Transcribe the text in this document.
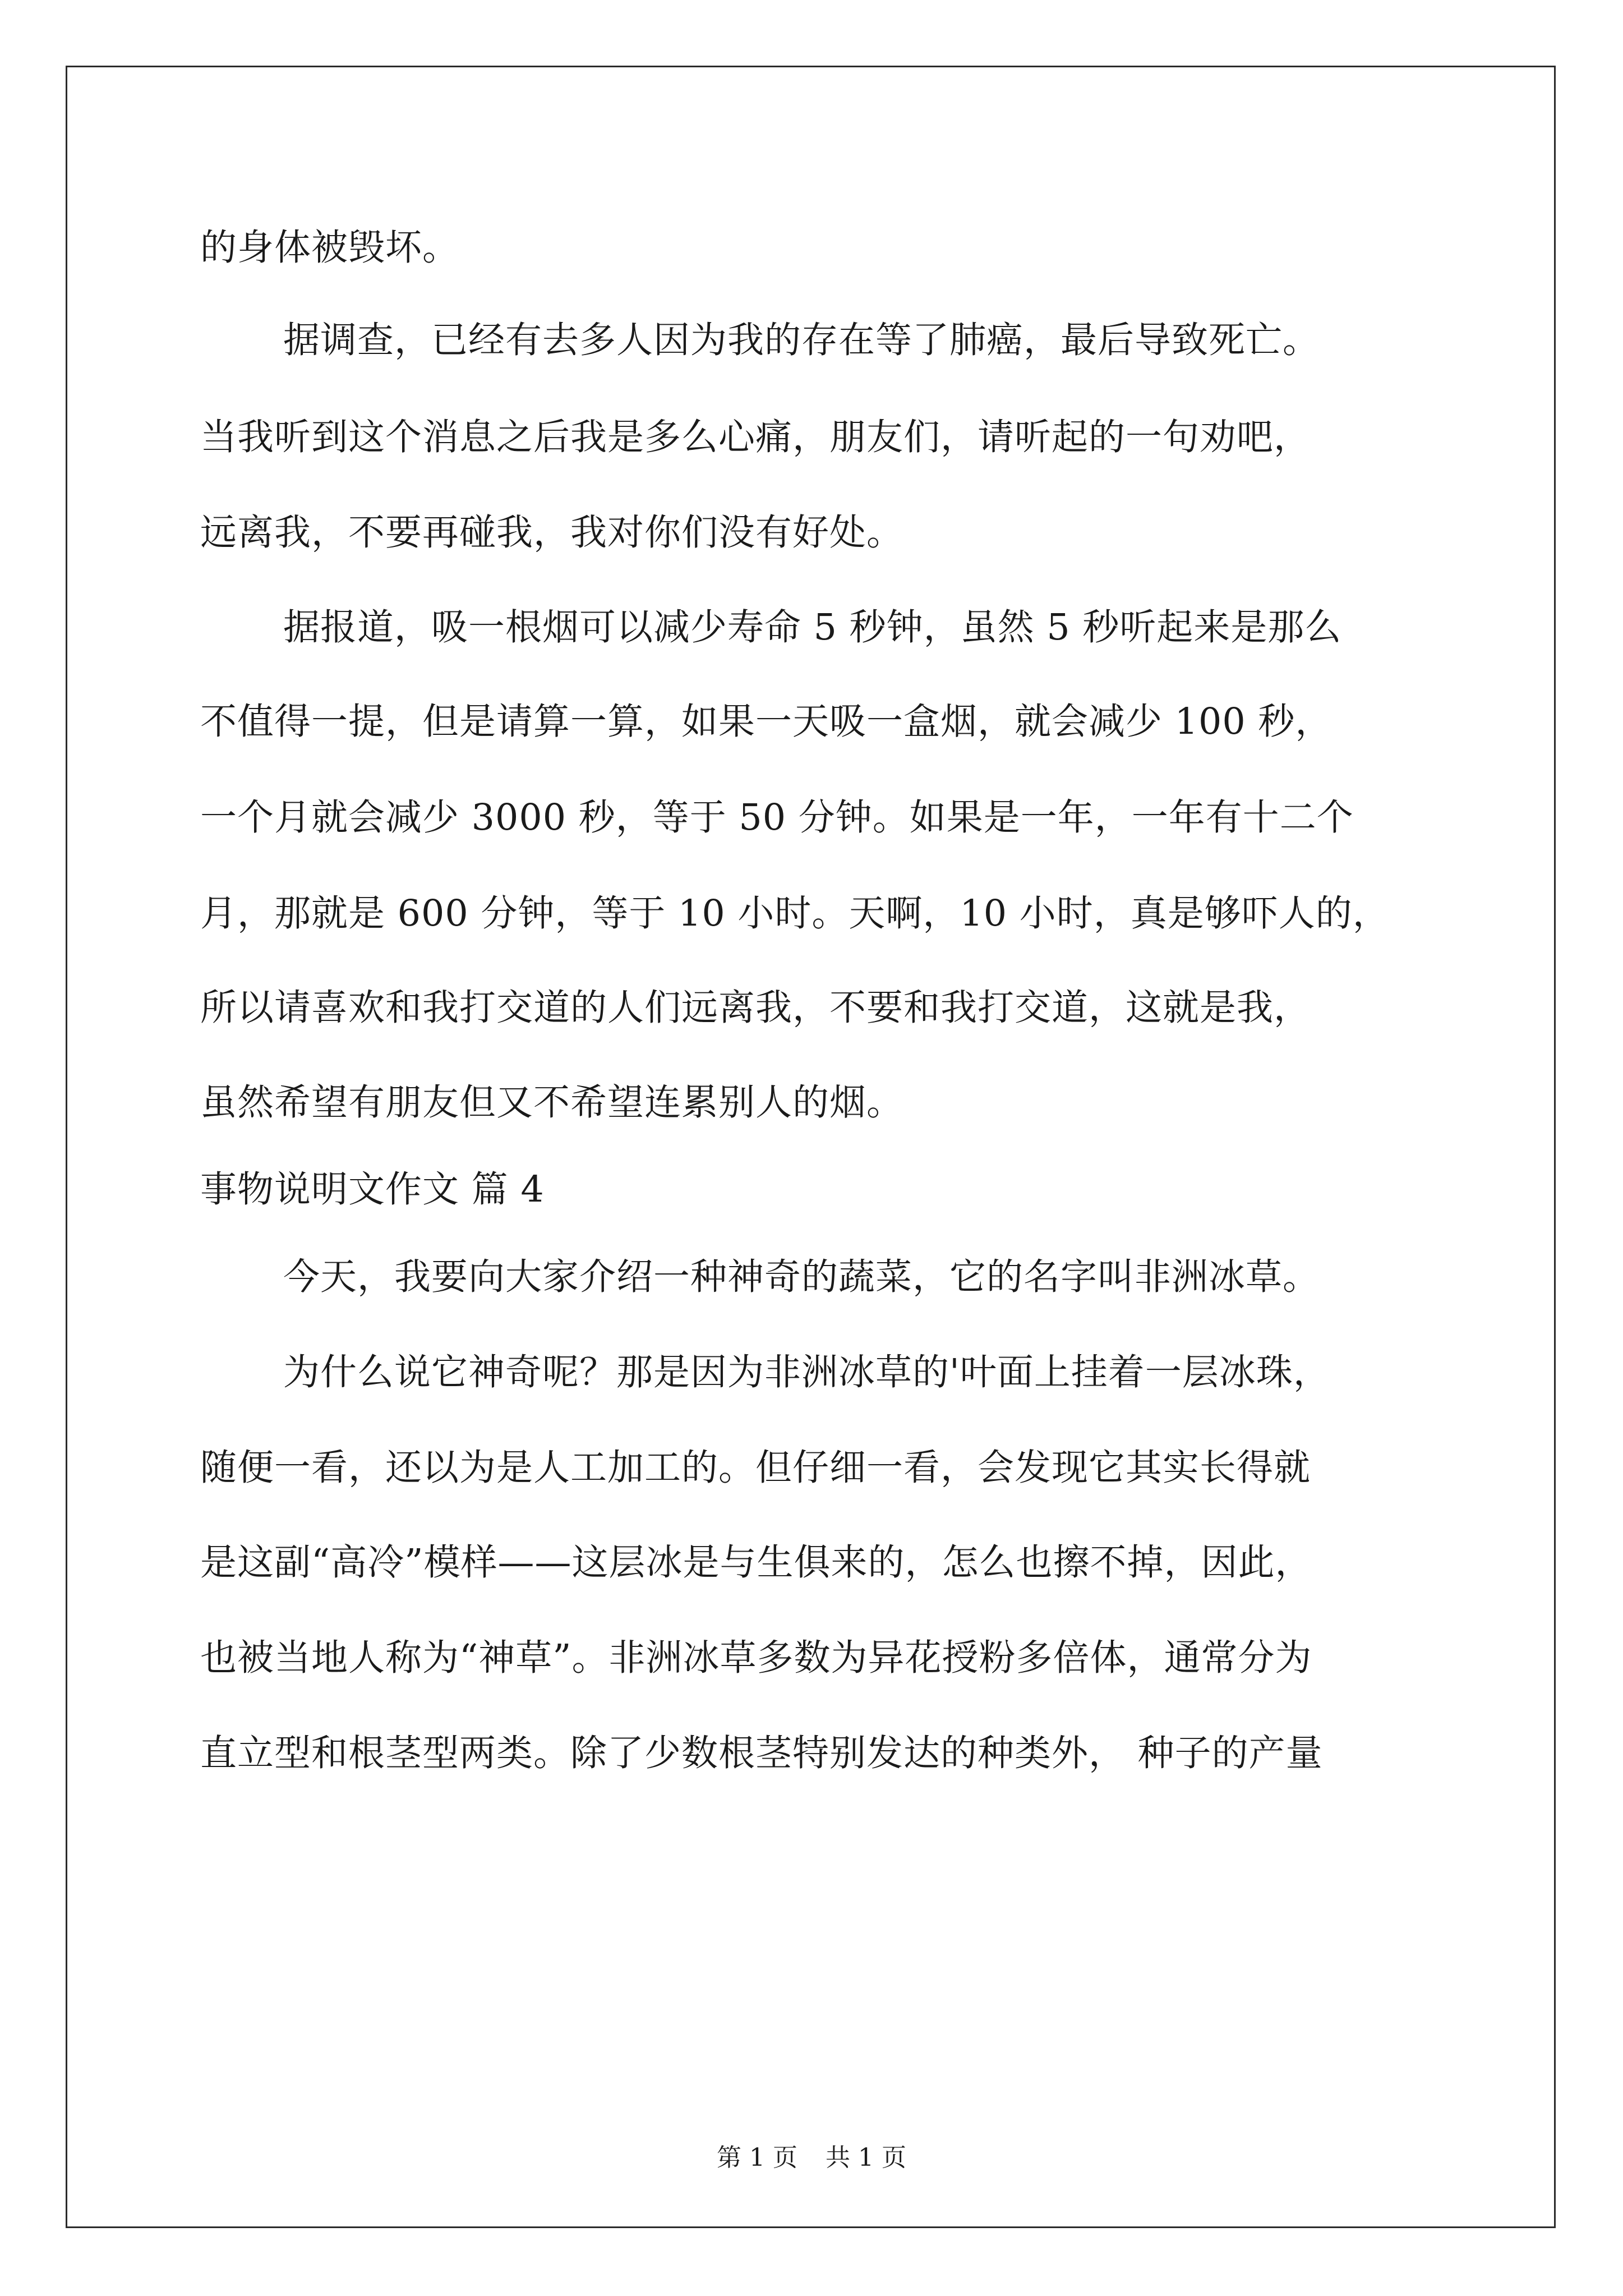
的身体被毁坏。
据调查，已经有去多人因为我的存在等了肺癌，最后导致死亡。
当我听到这个消息之后我是多么心痛，朋友们，请听起的一句劝吧，
远离我，不要再碰我，我对你们没有好处。
据报道，吸一根烟可以减少寿命 5 秒钟，虽然 5 秒听起来是那么
不值得一提，但是请算一算，如果一天吸一盒烟，就会减少 100 秒，
一个月就会减少 3000 秒，等于 50 分钟。如果是一年，一年有十二个
月，那就是 600 分钟，等于 10 小时。天啊，10 小时，真是够吓人的，
所以请喜欢和我打交道的人们远离我，不要和我打交道，这就是我，
虽然希望有朋友但又不希望连累别人的烟。
事物说明文作文 篇 4
今天，我要向大家介绍一种神奇的蔬菜，它的名字叫非洲冰草。
为什么说它神奇呢？那是因为非洲冰草的'叶面上挂着一层冰珠，
随便一看，还以为是人工加工的。但仔细一看，会发现它其实长得就
是这副“高冷”模样——这层冰是与生俱来的，怎么也擦不掉，因此，
也被当地人称为“神草”。非洲冰草多数为异花授粉多倍体，通常分为
直立型和根茎型两类。除了少数根茎特别发达的种类外， 种子的产量
第 1 页 共 1 页
